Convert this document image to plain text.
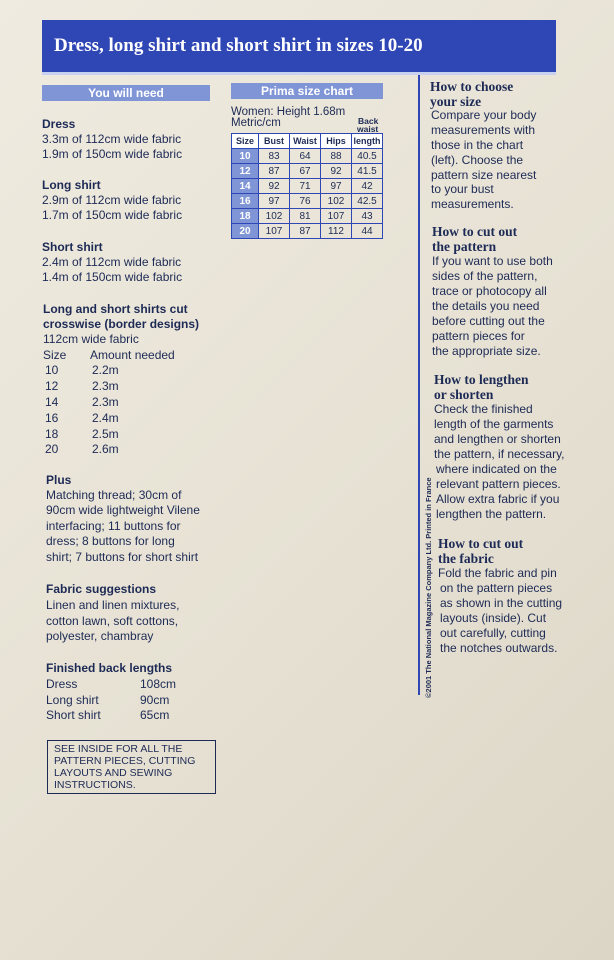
Dress, long shirt and short shirt in sizes 10-20
You will need
Dress
3.3m of 112cm wide fabric
1.9m of 150cm wide fabric
Long shirt
2.9m of 112cm wide fabric
1.7m of 150cm wide fabric
Short shirt
2.4m of 112cm wide fabric
1.4m of 150cm wide fabric
Long and short shirts cut
crosswise (border designs)
112cm wide fabric
Size Amount needed
10	2.2m
12	2.3m
14	2.3m
16	2.4m
18	2.5m
20	2.6m
Plus
Matching thread; 30cm of
90cm wide lightweight Vilene
interfacing; 11 buttons for
dress; 8 buttons for long
shirt; 7 buttons for short shirt
Fabric suggestions
Linen and linen mixtures,
cotton lawn, soft cottons,
polyester, chambray
Finished back lengths
Dress	108cm
Long shirt	90cm
Short shirt	65cm
SEE INSIDE FOR ALL THE
PATTERN PIECES, CUTTING
LAYOUTS AND SEWING
INSTRUCTIONS.
Prima size chart
Women: Height 1.68m
Metric/cm	Back
waist
Size	Bust	Waist	Hips	length
10	83	64	88	40.5
12	87	67	92	41.5
14	92	71	97	42
16	97	76	102	42.5
18	102	81	107	43
20	107	87	112	44
©2001 The National Magazine Company Ltd. Printed in France
How to choose
your size
Compare your body
measurements with
those in the chart
(left). Choose the
pattern size nearest
to your bust
measurements.
How to cut out
the pattern
If you want to use both
sides of the pattern,
trace or photocopy all
the details you need
before cutting out the
pattern pieces for
the appropriate size.
How to lengthen
or shorten
Check the finished
length of the garments
and lengthen or shorten
the pattern, if necessary,
where indicated on the
relevant pattern pieces.
Allow extra fabric if you
lengthen the pattern.
How to cut out
the fabric
Fold the fabric and pin
on the pattern pieces
as shown in the cutting
layouts (inside). Cut
out carefully, cutting
the notches outwards.
